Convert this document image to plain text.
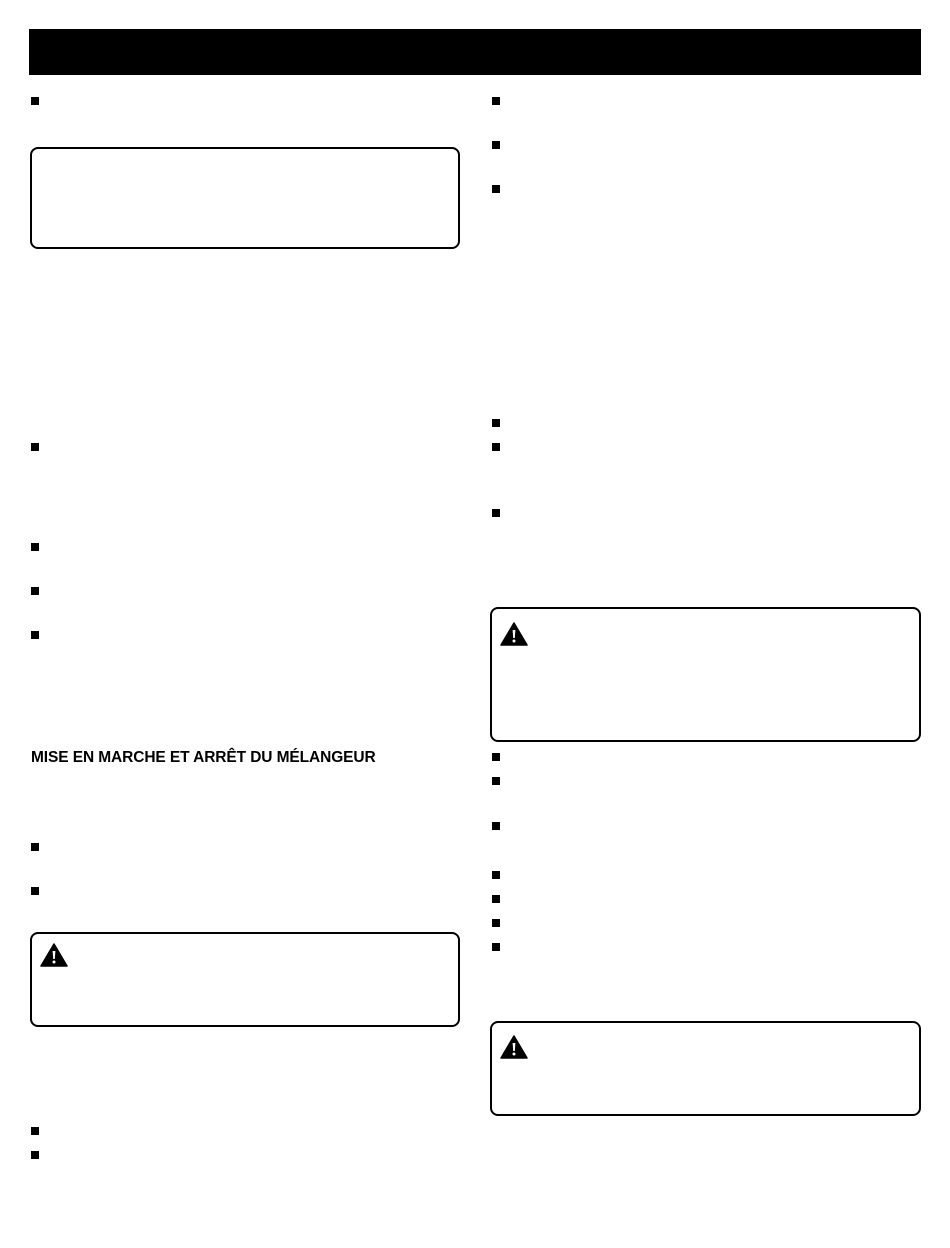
MISE EN MARCHE ET ARRÊT DU MÉLANGEUR
